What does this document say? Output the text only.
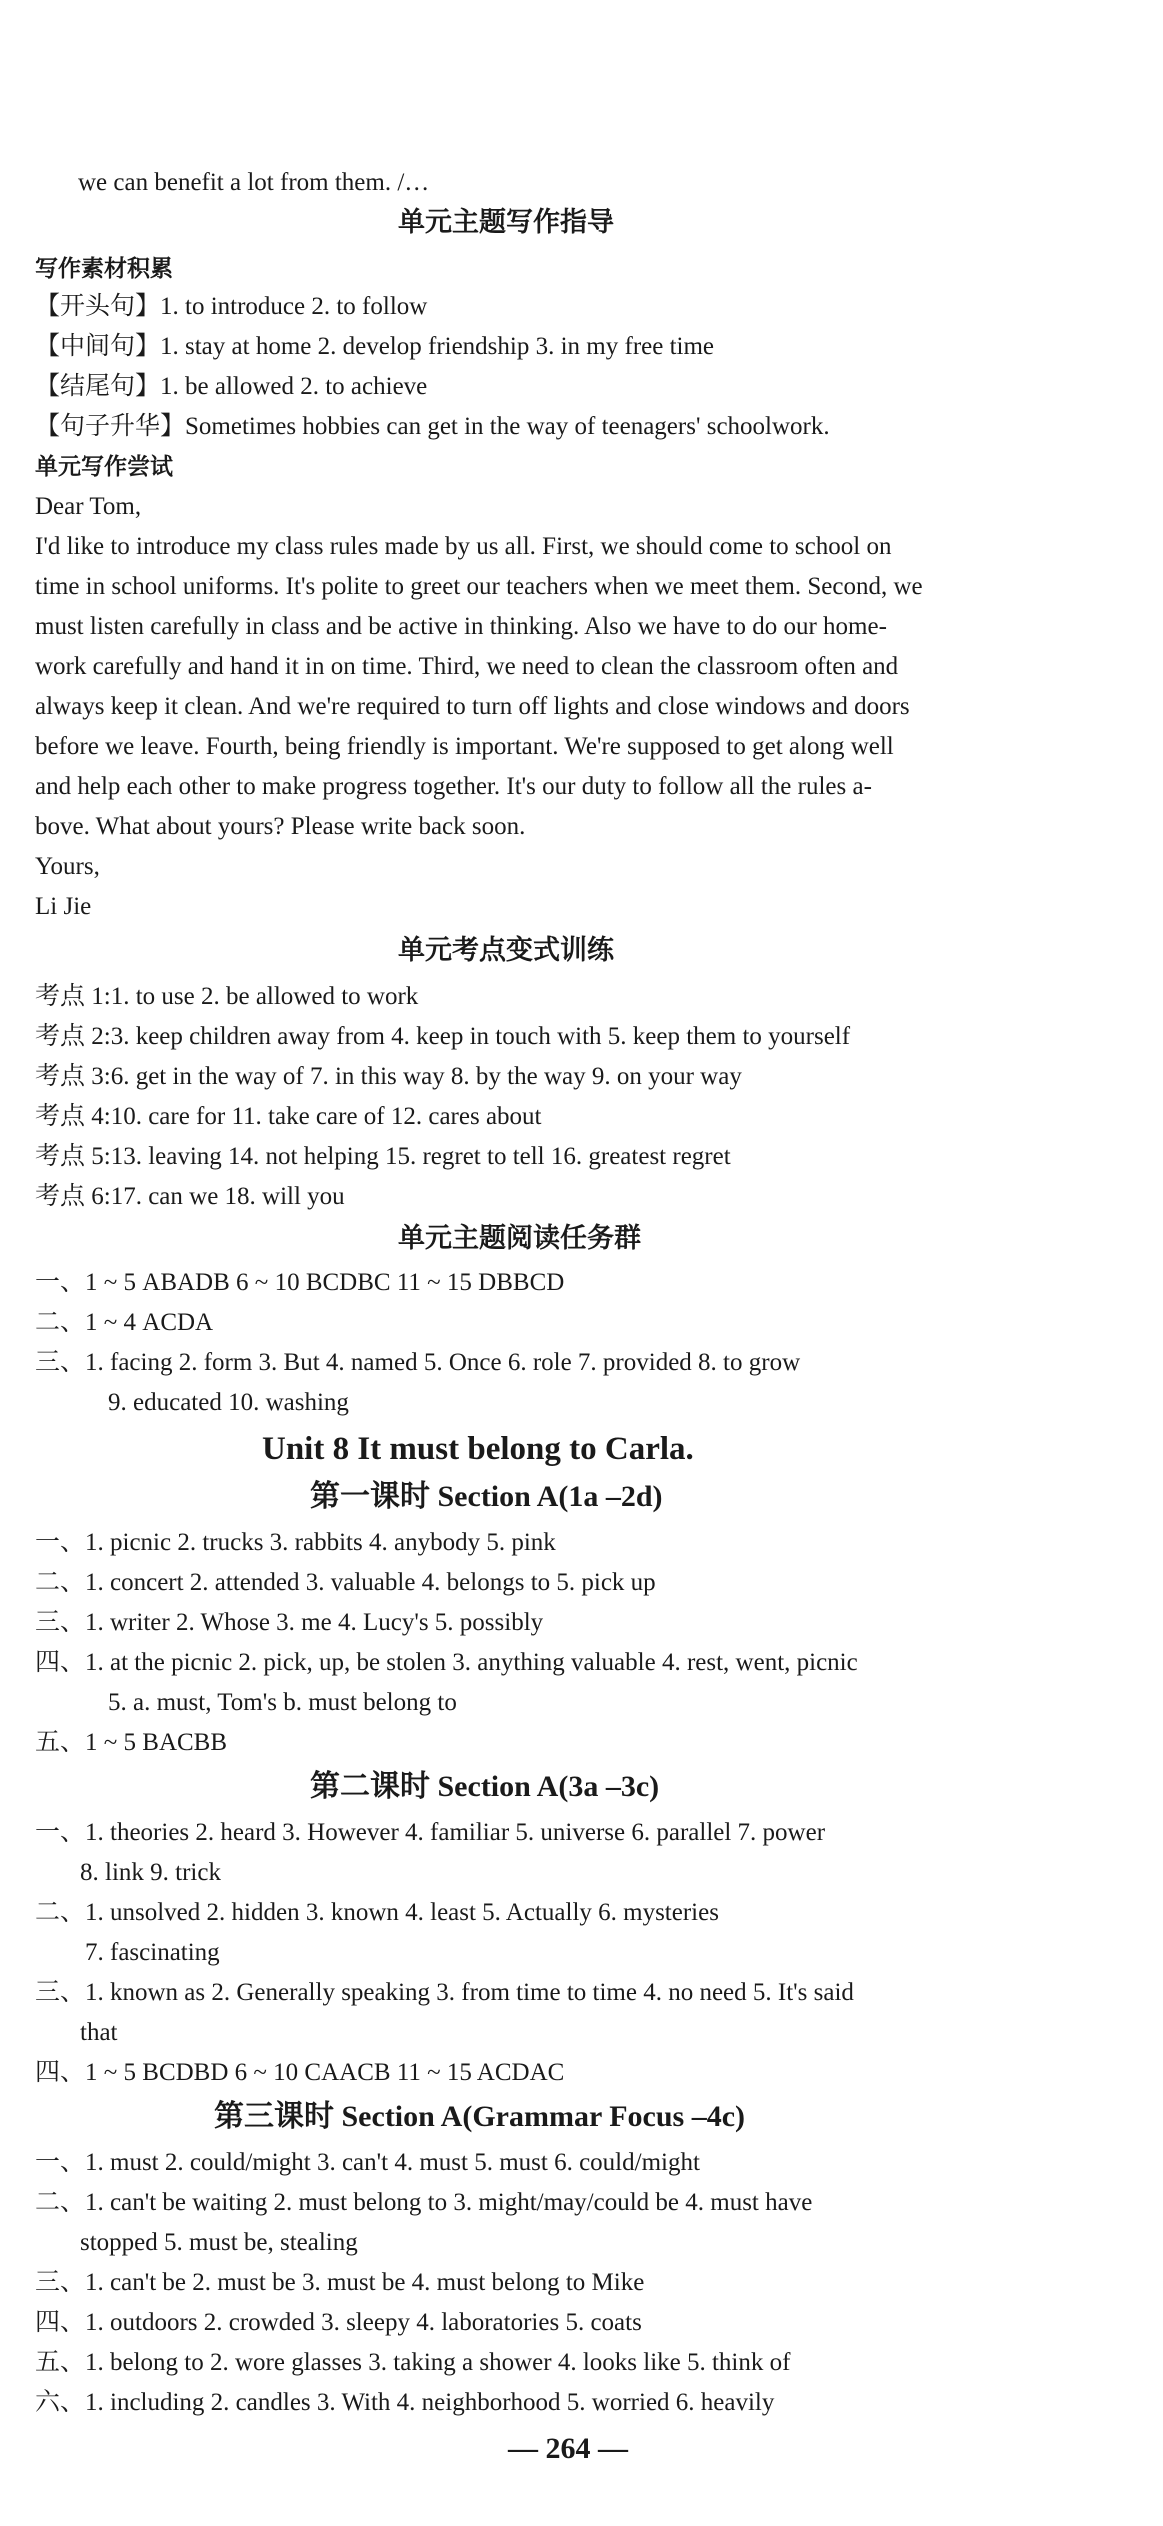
we can benefit a lot from them. /…
单元主题写作指导
写作素材积累
【开头句】1. to introduce 2. to follow
【中间句】1. stay at home 2. develop friendship 3. in my free time
【结尾句】1. be allowed 2. to achieve
【句子升华】Sometimes hobbies can get in the way of teenagers' schoolwork.
单元写作尝试
Dear Tom,
I'd like to introduce my class rules made by us all. First, we should come to school on
time in school uniforms. It's polite to greet our teachers when we meet them. Second, we
must listen carefully in class and be active in thinking. Also we have to do our home-
work carefully and hand it in on time. Third, we need to clean the classroom often and
always keep it clean. And we're required to turn off lights and close windows and doors
before we leave. Fourth, being friendly is important. We're supposed to get along well
and help each other to make progress together. It's our duty to follow all the rules a-
bove. What about yours? Please write back soon.
Yours,
Li Jie
单元考点变式训练
考点 1:1. to use 2. be allowed to work
考点 2:3. keep children away from 4. keep in touch with 5. keep them to yourself
考点 3:6. get in the way of 7. in this way 8. by the way 9. on your way
考点 4:10. care for 11. take care of 12. cares about
考点 5:13. leaving 14. not helping 15. regret to tell 16. greatest regret
考点 6:17. can we 18. will you
单元主题阅读任务群
一、1 ~ 5 ABADB 6 ~ 10 BCDBC 11 ~ 15 DBBCD
二、1 ~ 4 ACDA
三、1. facing 2. form 3. But 4. named 5. Once 6. role 7. provided 8. to grow
9. educated 10. washing
Unit 8 It must belong to Carla.
第一课时 Section A(1a –2d)
一、1. picnic 2. trucks 3. rabbits 4. anybody 5. pink
二、1. concert 2. attended 3. valuable 4. belongs to 5. pick up
三、1. writer 2. Whose 3. me 4. Lucy's 5. possibly
四、1. at the picnic 2. pick, up, be stolen 3. anything valuable 4. rest, went, picnic
5. a. must, Tom's b. must belong to
五、1 ~ 5 BACBB
第二课时 Section A(3a –3c)
一、1. theories 2. heard 3. However 4. familiar 5. universe 6. parallel 7. power
8. link 9. trick
二、1. unsolved 2. hidden 3. known 4. least 5. Actually 6. mysteries
7. fascinating
三、1. known as 2. Generally speaking 3. from time to time 4. no need 5. It's said
that
四、1 ~ 5 BCDBD 6 ~ 10 CAACB 11 ~ 15 ACDAC
第三课时 Section A(Grammar Focus –4c)
一、1. must 2. could/might 3. can't 4. must 5. must 6. could/might
二、1. can't be waiting 2. must belong to 3. might/may/could be 4. must have
stopped 5. must be, stealing
三、1. can't be 2. must be 3. must be 4. must belong to Mike
四、1. outdoors 2. crowded 3. sleepy 4. laboratories 5. coats
五、1. belong to 2. wore glasses 3. taking a shower 4. looks like 5. think of
六、1. including 2. candles 3. With 4. neighborhood 5. worried 6. heavily
— 264 —
